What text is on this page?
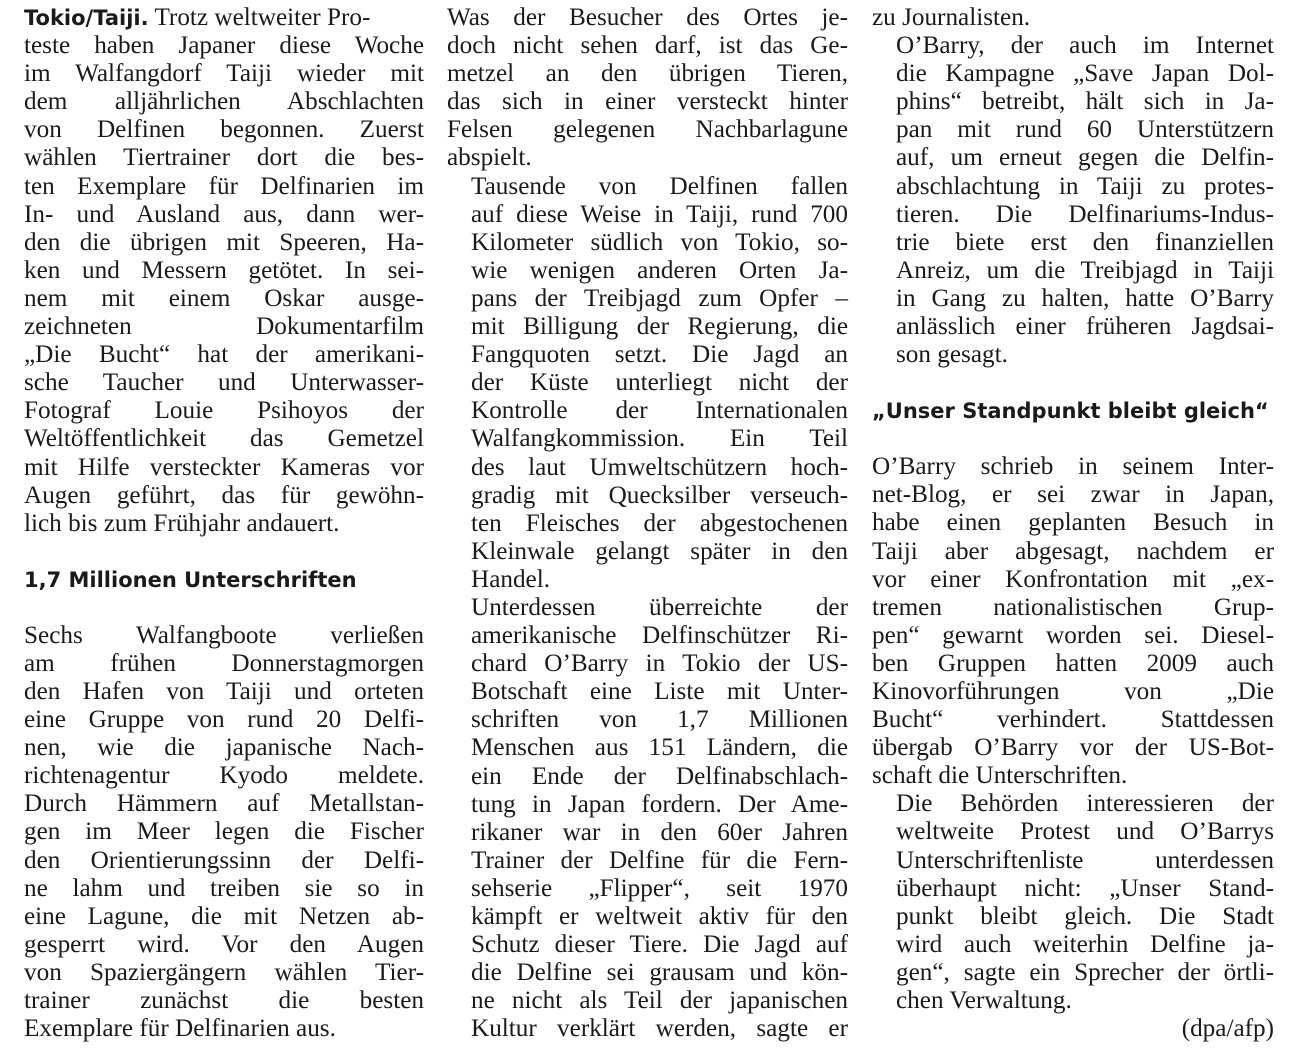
Tokio/Taiji. Trotz weltweiter Pro-
teste haben Japaner diese Woche
im Walfangdorf Taiji wieder mit
dem alljährlichen Abschlachten
von Delfinen begonnen. Zuerst
wählen Tiertrainer dort die bes-
ten Exemplare für Delfinarien im
In- und Ausland aus, dann wer-
den die übrigen mit Speeren, Ha-
ken und Messern getötet. In sei-
nem mit einem Oskar ausge-
zeichneten Dokumentarfilm
„Die Bucht“ hat der amerikani-
sche Taucher und Unterwasser-
Fotograf Louie Psihoyos der
Weltöffentlichkeit das Gemetzel
mit Hilfe versteckter Kameras vor
Augen geführt, das für gewöhn-
lich bis zum Frühjahr andauert.

1,7 Millionen Unterschriften

Sechs Walfangboote verließen
am frühen Donnerstagmorgen
den Hafen von Taiji und orteten
eine Gruppe von rund 20 Delfi-
nen, wie die japanische Nach-
richtenagentur Kyodo meldete.
Durch Hämmern auf Metallstan-
gen im Meer legen die Fischer
den Orientierungssinn der Delfi-
ne lahm und treiben sie so in
eine Lagune, die mit Netzen ab-
gesperrt wird. Vor den Augen
von Spaziergängern wählen Tier-
trainer zunächst die besten
Exemplare für Delfinarien aus.

Was der Besucher des Ortes je-
doch nicht sehen darf, ist das Ge-
metzel an den übrigen Tieren,
das sich in einer versteckt hinter
Felsen gelegenen Nachbarlagune
abspielt.

Tausende von Delfinen fallen
auf diese Weise in Taiji, rund 700
Kilometer südlich von Tokio, so-
wie wenigen anderen Orten Ja-
pans der Treibjagd zum Opfer –
mit Billigung der Regierung, die
Fangquoten setzt. Die Jagd an
der Küste unterliegt nicht der
Kontrolle der Internationalen
Walfangkommission. Ein Teil
des laut Umweltschützern hoch-
gradig mit Quecksilber verseuch-
ten Fleisches der abgestochenen
Kleinwale gelangt später in den
Handel.

Unterdessen überreichte der
amerikanische Delfinschützer Ri-
chard O’Barry in Tokio der US-
Botschaft eine Liste mit Unter-
schriften von 1,7 Millionen
Menschen aus 151 Ländern, die
ein Ende der Delfinabschlach-
tung in Japan fordern. Der Ame-
rikaner war in den 60er Jahren
Trainer der Delfine für die Fern-
sehserie „Flipper“, seit 1970
kämpft er weltweit aktiv für den
Schutz dieser Tiere. Die Jagd auf
die Delfine sei grausam und kön-
ne nicht als Teil der japanischen
Kultur verklärt werden, sagte er

zu Journalisten.

O’Barry, der auch im Internet
die Kampagne „Save Japan Dol-
phins“ betreibt, hält sich in Ja-
pan mit rund 60 Unterstützern
auf, um erneut gegen die Delfin-
abschlachtung in Taiji zu protes-
tieren. Die Delfinariums-Indus-
trie biete erst den finanziellen
Anreiz, um die Treibjagd in Taiji
in Gang zu halten, hatte O’Barry
anlässlich einer früheren Jagdsai-
son gesagt.

„Unser Standpunkt bleibt gleich“

O’Barry schrieb in seinem Inter-
net-Blog, er sei zwar in Japan,
habe einen geplanten Besuch in
Taiji aber abgesagt, nachdem er
vor einer Konfrontation mit „ex-
tremen nationalistischen Grup-
pen“ gewarnt worden sei. Diesel-
ben Gruppen hatten 2009 auch
Kinovorführungen von „Die
Bucht“ verhindert. Stattdessen
übergab O’Barry vor der US-Bot-
schaft die Unterschriften.

Die Behörden interessieren der
weltweite Protest und O’Barrys
Unterschriftenliste unterdessen
überhaupt nicht: „Unser Stand-
punkt bleibt gleich. Die Stadt
wird auch weiterhin Delfine ja-
gen“, sagte ein Sprecher der örtli-
chen Verwaltung.
(dpa/afp)
